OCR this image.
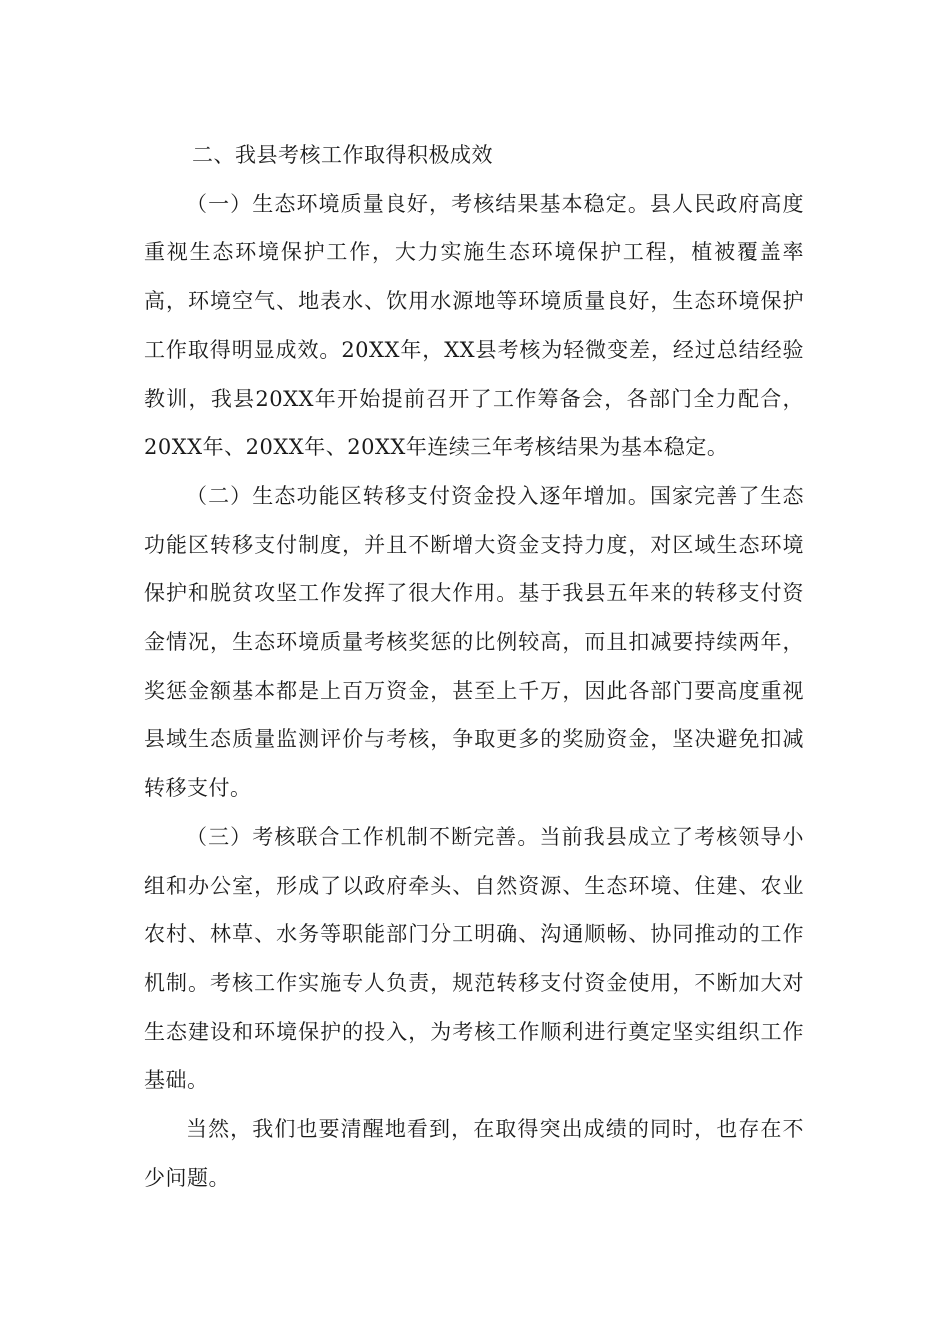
二、我县考核工作取得积极成效

（一）生态环境质量良好，考核结果基本稳定。县人民政府高度重视生态环境保护工作，大力实施生态环境保护工程，植被覆盖率高，环境空气、地表水、饮用水源地等环境质量良好，生态环境保护工作取得明显成效。20XX年，XX县考核为轻微变差，经过总结经验教训，我县20XX年开始提前召开了工作筹备会，各部门全力配合，20XX年、20XX年、20XX年连续三年考核结果为基本稳定。

（二）生态功能区转移支付资金投入逐年增加。国家完善了生态功能区转移支付制度，并且不断增大资金支持力度，对区域生态环境保护和脱贫攻坚工作发挥了很大作用。基于我县五年来的转移支付资金情况，生态环境质量考核奖惩的比例较高，而且扣减要持续两年，奖惩金额基本都是上百万资金，甚至上千万，因此各部门要高度重视县域生态质量监测评价与考核，争取更多的奖励资金，坚决避免扣减转移支付。

（三）考核联合工作机制不断完善。当前我县成立了考核领导小组和办公室，形成了以政府牵头、自然资源、生态环境、住建、农业农村、林草、水务等职能部门分工明确、沟通顺畅、协同推动的工作机制。考核工作实施专人负责，规范转移支付资金使用，不断加大对生态建设和环境保护的投入，为考核工作顺利进行奠定坚实组织工作基础。

当然，我们也要清醒地看到，在取得突出成绩的同时，也存在不少问题。
